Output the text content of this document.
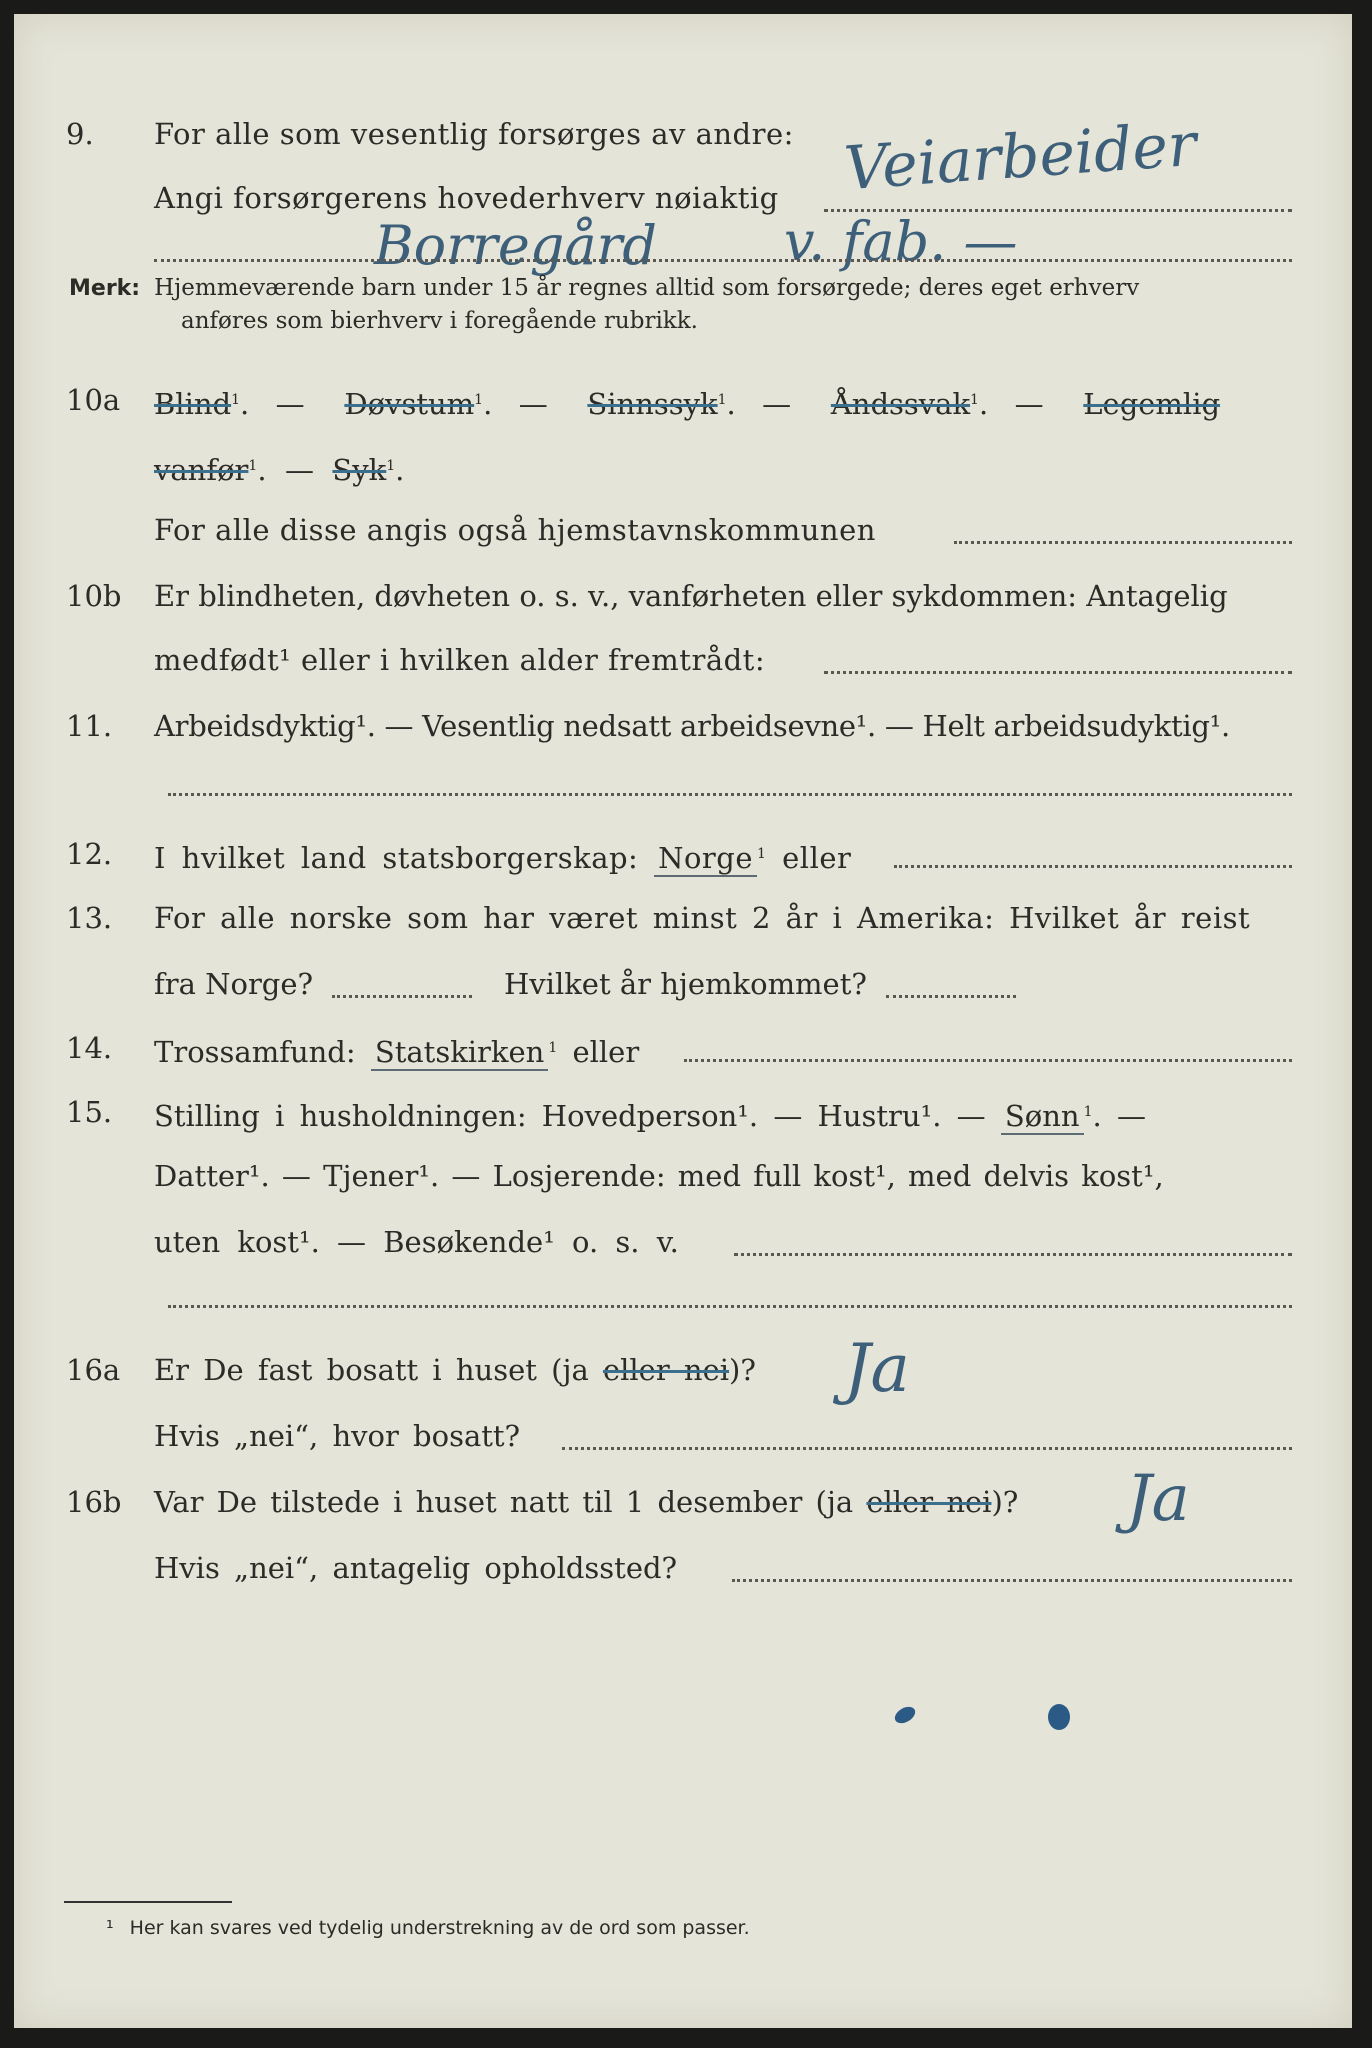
9.	For alle som vesentlig forsørges av andre:
Angi forsørgerens hovederhverv nøiaktig Veiarbeider
Borregård v. fab. —
Merk: Hjemmeværende barn under 15 år regnes alltid som forsørgede; deres eget erhverv
anføres som bierhverv i foregående rubrikk.
10a	Blind$^1$.  —   Døvstum$^1$.  —   Sinnssyk$^1$.  —   Åndssvak$^1$.  —   Legemlig
vanfør$^1$.  —  Syk$^1$.
For alle disse angis også hjemstavnskommunen
10b	Er blindheten, døvheten o. s. v., vanførheten eller sykdommen: Antagelig
medfødt¹ eller i hvilken alder fremtrådt:
11.	Arbeidsdyktig¹. — Vesentlig nedsatt arbeidsevne¹. — Helt arbeidsudyktig¹.
12.	I hvilket land statsborgerskap: Norge $^1$ eller
13.	For alle norske som har været minst 2 år i Amerika: Hvilket år reist
fra Norge?	Hvilket år hjemkommet?
14.	Trossamfund: Statskirken $^1$ eller
15.	Stilling i husholdningen: Hovedperson¹. — Hustru¹. — Sønn $^1$. —
Datter¹. — Tjener¹. — Losjerende: med full kost¹, med delvis kost¹,
uten kost¹. — Besøkende¹ o. s. v.
16a	Er De fast bosatt i huset (ja eller nei)? Ja
Hvis „nei“, hvor bosatt?
16b	Var De tilstede i huset natt til 1 desember (ja eller nei)? Ja
Hvis „nei“, antagelig opholdssted?
¹ Her kan svares ved tydelig understrekning av de ord som passer.
